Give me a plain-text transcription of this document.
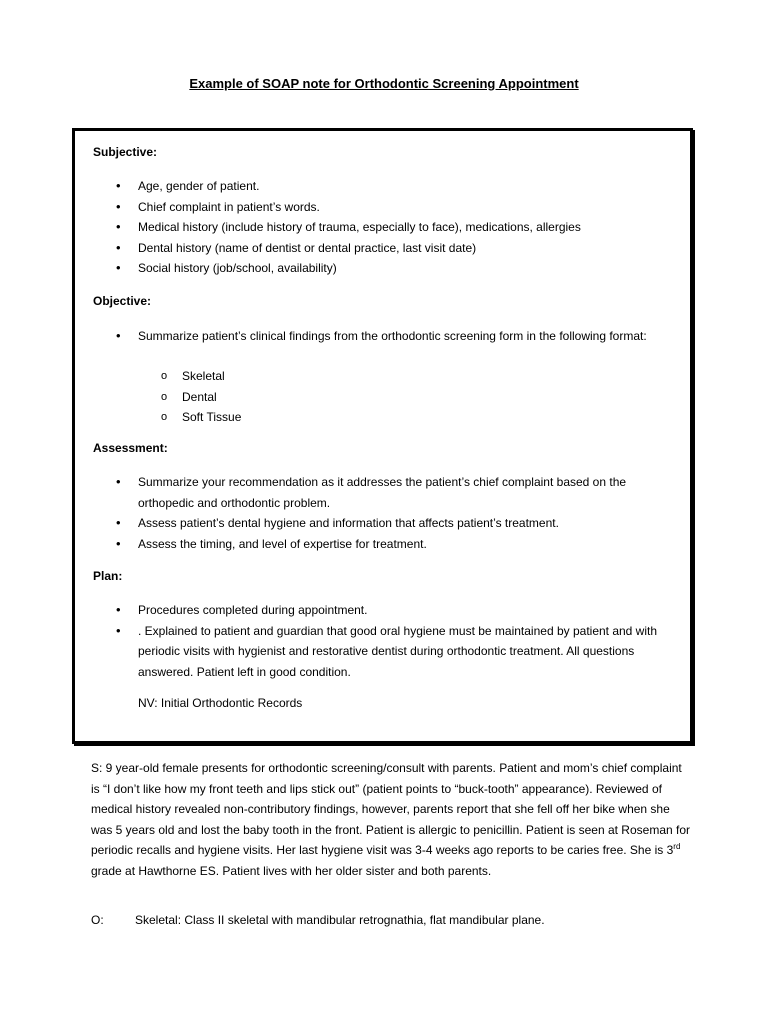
Example of SOAP note for Orthodontic Screening Appointment
Subjective:
• Age, gender of patient.
• Chief complaint in patient’s words.
• Medical history (include history of trauma, especially to face), medications, allergies
• Dental history (name of dentist or dental practice, last visit date)
• Social history (job/school, availability)
Objective:
• Summarize patient’s clinical findings from the orthodontic screening form in the following format:
o Skeletal
o Dental
o Soft Tissue
Assessment:
• Summarize your recommendation as it addresses the patient’s chief complaint based on the orthopedic and orthodontic problem.
• Assess patient’s dental hygiene and information that affects patient’s treatment.
• Assess the timing, and level of expertise for treatment.
Plan:
• Procedures completed during appointment.
• . Explained to patient and guardian that good oral hygiene must be maintained by patient and with periodic visits with hygienist and restorative dentist during orthodontic treatment. All questions answered. Patient left in good condition.
NV: Initial Orthodontic Records
S: 9 year-old female presents for orthodontic screening/consult with parents. Patient and mom’s chief complaint is “I don’t like how my front teeth and lips stick out” (patient points to “buck-tooth” appearance). Reviewed of medical history revealed non-contributory findings, however, parents report that she fell off her bike when she was 5 years old and lost the baby tooth in the front. Patient is allergic to penicillin. Patient is seen at Roseman for periodic recalls and hygiene visits. Her last hygiene visit was 3-4 weeks ago reports to be caries free. She is 3rd grade at Hawthorne ES. Patient lives with her older sister and both parents.
O:	Skeletal: Class II skeletal with mandibular retrognathia, flat mandibular plane.
